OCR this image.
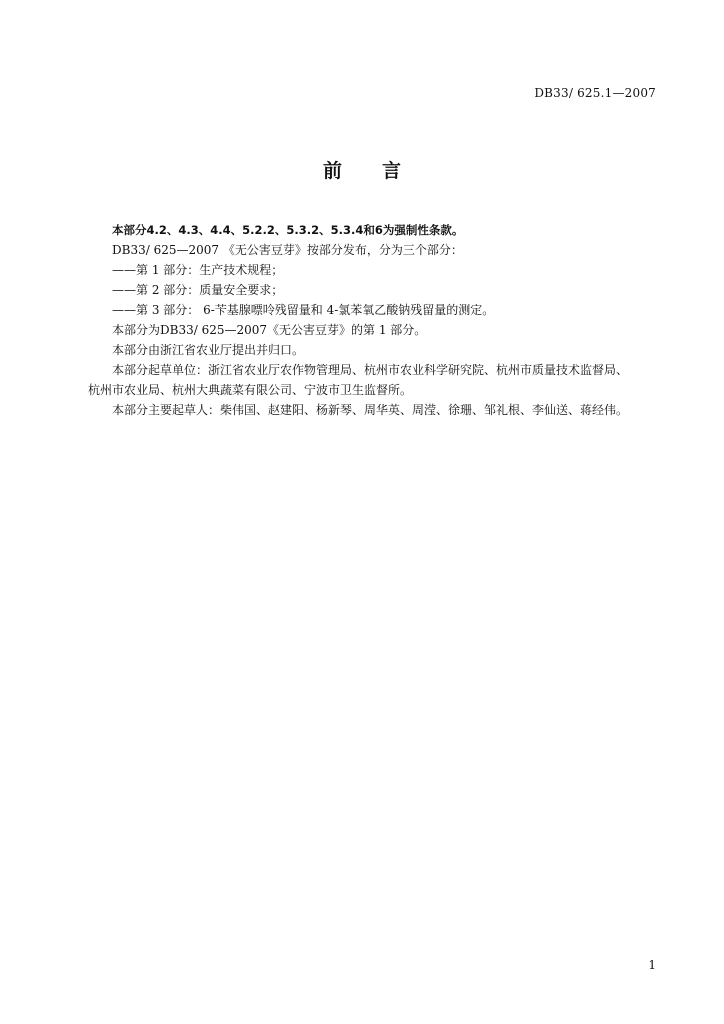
DB33/ 625.1—2007
前 言
本部分4.2、4.3、4.4、5.2.2、5.3.2、5.3.4和6为强制性条款。
DB33/ 625—2007 《无公害豆芽》按部分发布，分为三个部分：
——第 1 部分：生产技术规程；
——第 2 部分：质量安全要求；
——第 3 部分： 6-苄基腺嘌呤残留量和 4-氯苯氧乙酸钠残留量的测定。
本部分为DB33/ 625—2007《无公害豆芽》的第 1 部分。
本部分由浙江省农业厅提出并归口。
本部分起草单位：浙江省农业厅农作物管理局、杭州市农业科学研究院、杭州市质量技术监督局、
杭州市农业局、杭州大典蔬菜有限公司、宁波市卫生监督所。
本部分主要起草人：柴伟国、赵建阳、杨新琴、周华英、周滢、徐珊、邹礼根、李仙送、蒋经伟。
1
